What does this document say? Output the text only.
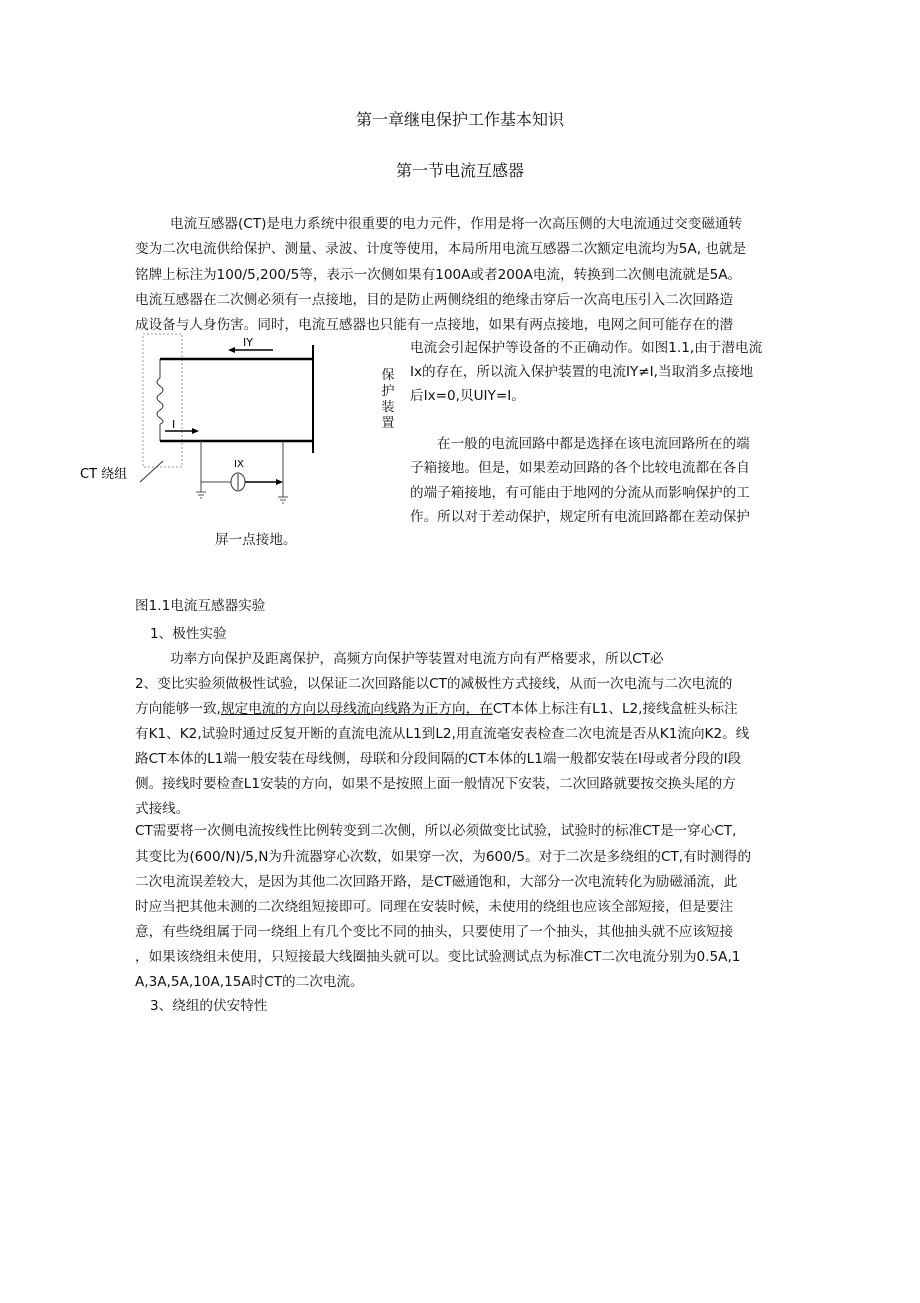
第一章继电保护工作基本知识
第一节电流互感器
电流互感器(CT)是电力系统中很重要的电力元件，作用是将一次高压侧的大电流通过交变磁通转
变为二次电流供给保护、测量、录波、计度等使用，本局所用电流互感器二次额定电流均为5A, 也就是
铭牌上标注为100/5,200/5等，表示一次侧如果有100A或者200A电流，转换到二次侧电流就是5A。
电流互感器在二次侧必须有一点接地，目的是防止两侧绕组的绝缘击穿后一次高电压引入二次回路造
成设备与人身伤害。同时，电流互感器也只能有一点接地，如果有两点接地，电网之间可能存在的潜
IY
I
IX
CT 绕组
保护装置
电流会引起保护等设备的不正确动作。如图1.1,由于潜电流
Ix的存在，所以流入保护装置的电流IY≠I,当取消多点接地
后Ix=0,贝UIY=I。
在一般的电流回路中都是选择在该电流回路所在的端
子箱接地。但是，如果差动回路的各个比较电流都在各自
的端子箱接地，有可能由于地网的分流从而影响保护的工
作。所以对于差动保护，规定所有电流回路都在差动保护
屏一点接地。
图1.1电流互感器实验
1、极性实验
功率方向保护及距离保护，高频方向保护等装置对电流方向有严格要求，所以CT必
2、变比实验须做极性试验，以保证二次回路能以CT的减极性方式接线，从而一次电流与二次电流的
方向能够一致,规定电流的方向以母线流向线路为正方向，在CT本体上标注有L1、L2,接线盒桩头标注
有K1、K2,试验时通过反复开断的直流电流从L1到L2,用直流毫安表检查二次电流是否从K1流向K2。线
路CT本体的L1端一般安装在母线侧，母联和分段间隔的CT本体的L1端一般都安装在I母或者分段的I段
侧。接线时要检查L1安装的方向，如果不是按照上面一般情况下安装，二次回路就要按交换头尾的方
式接线。
CT需要将一次侧电流按线性比例转变到二次侧，所以必须做变比试验，试验时的标准CT是一穿心CT,
其变比为(600/N)/5,N为升流器穿心次数，如果穿一次，为600/5。对于二次是多绕组的CT,有时测得的
二次电流误差较大，是因为其他二次回路开路，是CT磁通饱和，大部分一次电流转化为励磁涌流，此
时应当把其他未测的二次绕组短接即可。同理在安装时候，未使用的绕组也应该全部短接，但是要注
意，有些绕组属于同一绕组上有几个变比不同的抽头，只要使用了一个抽头，其他抽头就不应该短接
，如果该绕组未使用，只短接最大线圈抽头就可以。变比试验测试点为标准CT二次电流分别为0.5A,1
A,3A,5A,10A,15A时CT的二次电流。
3、绕组的伏安特性
